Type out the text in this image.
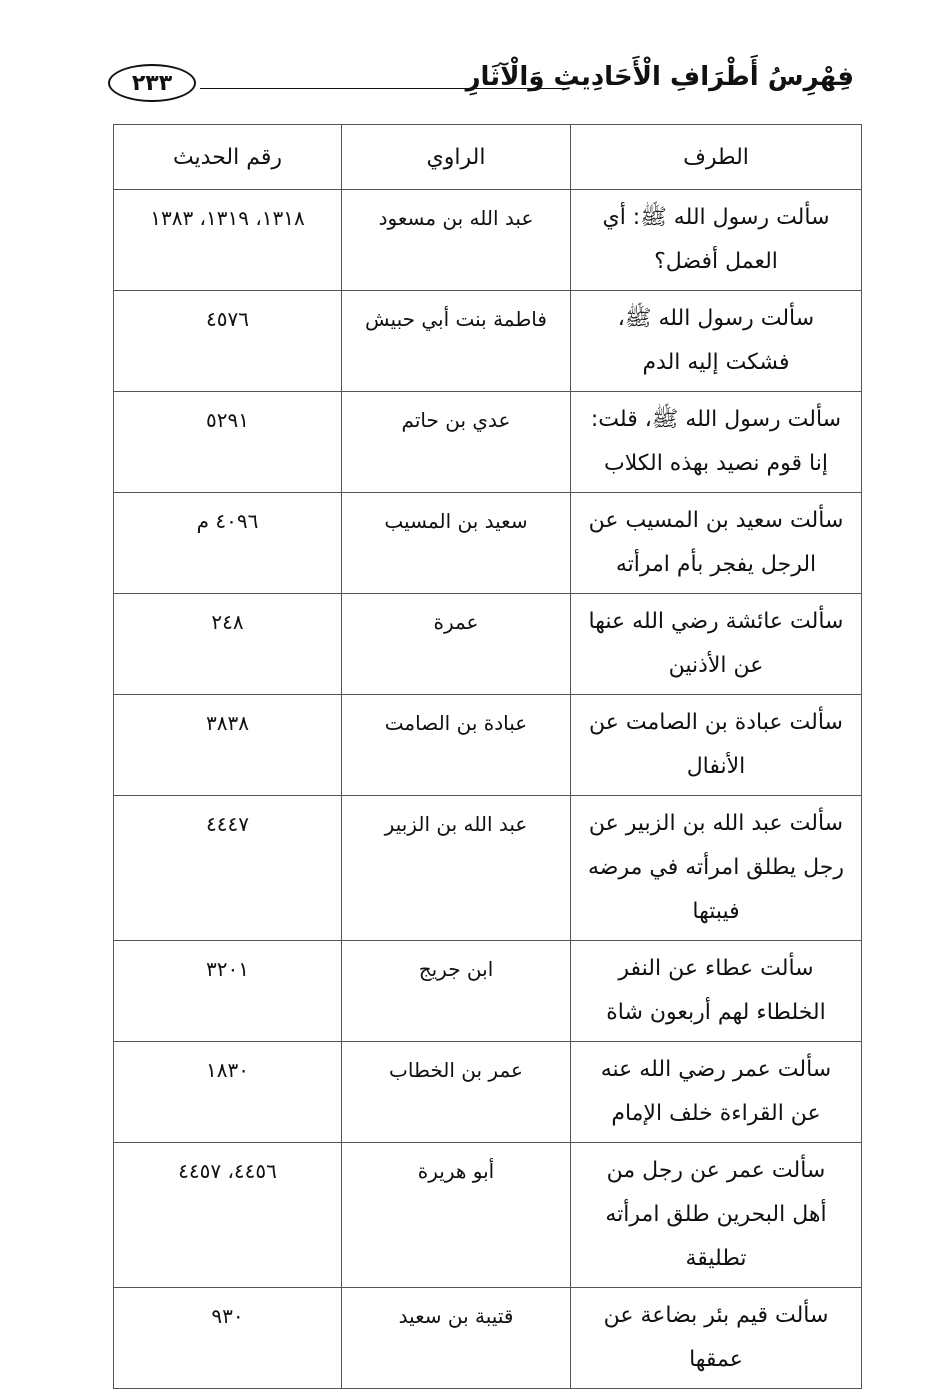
٢٣٣	فِهْرِسُ أَطْرَافِ الْأَحَادِيثِ وَالْآثَارِ
الطرف	الراوي	رقم الحديث
سألت رسول الله ﷺ: أي العمل أفضل؟	عبد الله بن مسعود	١٣١٨، ١٣١٩، ١٣٨٣
سألت رسول الله ﷺ، فشكت إليه الدم	فاطمة بنت أبي حبيش	٤٥٧٦
سألت رسول الله ﷺ، قلت: إنا قوم نصيد بهذه الكلاب	عدي بن حاتم	٥٢٩١
سألت سعيد بن المسيب عن الرجل يفجر بأم امرأته	سعيد بن المسيب	٤٠٩٦ م
سألت عائشة رضي الله عنها عن الأذنين	عمرة	٢٤٨
سألت عبادة بن الصامت عن الأنفال	عبادة بن الصامت	٣٨٣٨
سألت عبد الله بن الزبير عن رجل يطلق امرأته في مرضه فيبتها	عبد الله بن الزبير	٤٤٤٧
سألت عطاء عن النفر الخلطاء لهم أربعون شاة	ابن جريج	٣٢٠١
سألت عمر رضي الله عنه عن القراءة خلف الإمام	عمر بن الخطاب	١٨٣٠
سألت عمر عن رجل من أهل البحرين طلق امرأته تطليقة	أبو هريرة	٤٤٥٦، ٤٤٥٧
سألت قيم بئر بضاعة عن عمقها	قتيبة بن سعيد	٩٣٠
